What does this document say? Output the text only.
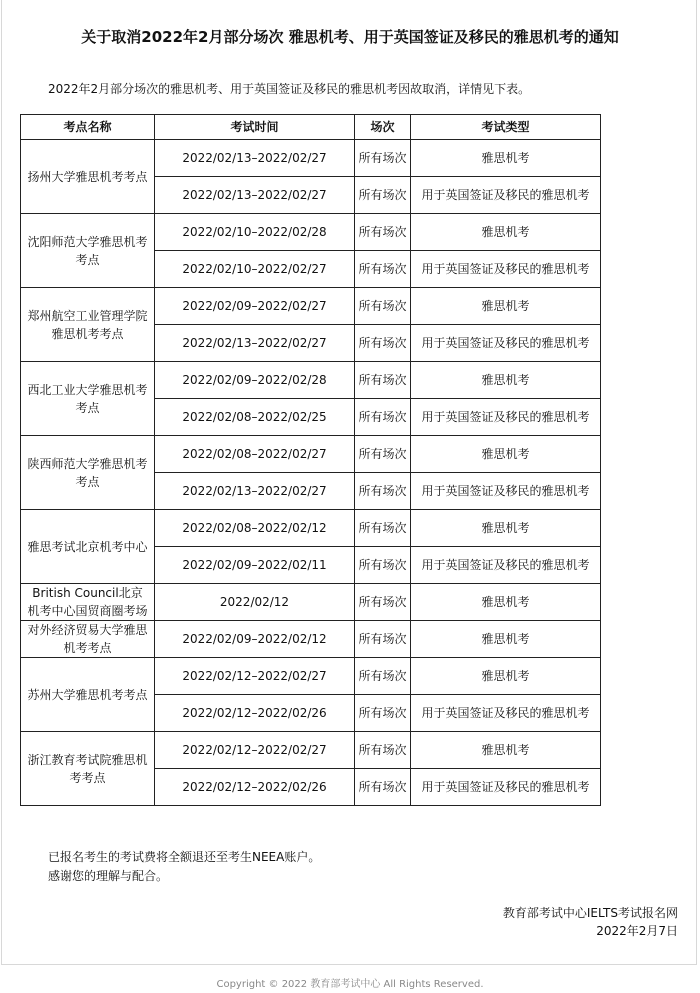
关于取消2022年2月部分场次 雅思机考、用于英国签证及移民的雅思机考的通知
2022年2月部分场次的雅思机考、用于英国签证及移民的雅思机考因故取消，详情见下表。
考点名称	考试时间	场次	考试类型
扬州大学雅思机考考点	2022/02/13–2022/02/27	所有场次	雅思机考
	2022/02/13–2022/02/27	所有场次	用于英国签证及移民的雅思机考
沈阳师范大学雅思机考考点	2022/02/10–2022/02/28	所有场次	雅思机考
	2022/02/10–2022/02/27	所有场次	用于英国签证及移民的雅思机考
郑州航空工业管理学院雅思机考考点	2022/02/09–2022/02/27	所有场次	雅思机考
	2022/02/13–2022/02/27	所有场次	用于英国签证及移民的雅思机考
西北工业大学雅思机考考点	2022/02/09–2022/02/28	所有场次	雅思机考
	2022/02/08–2022/02/25	所有场次	用于英国签证及移民的雅思机考
陕西师范大学雅思机考考点	2022/02/08–2022/02/27	所有场次	雅思机考
	2022/02/13–2022/02/27	所有场次	用于英国签证及移民的雅思机考
雅思考试北京机考中心	2022/02/08–2022/02/12	所有场次	雅思机考
	2022/02/09–2022/02/11	所有场次	用于英国签证及移民的雅思机考
British Council北京机考中心国贸商圈考场	2022/02/12	所有场次	雅思机考
对外经济贸易大学雅思机考考点	2022/02/09–2022/02/12	所有场次	雅思机考
苏州大学雅思机考考点	2022/02/12–2022/02/27	所有场次	雅思机考
	2022/02/12–2022/02/26	所有场次	用于英国签证及移民的雅思机考
浙江教育考试院雅思机考考点	2022/02/12–2022/02/27	所有场次	雅思机考
	2022/02/12–2022/02/26	所有场次	用于英国签证及移民的雅思机考
已报名考生的考试费将全额退还至考生NEEA账户。
感谢您的理解与配合。
教育部考试中心IELTS考试报名网
2022年2月7日
Copyright © 2022 教育部考试中心 All Rights Reserved.
